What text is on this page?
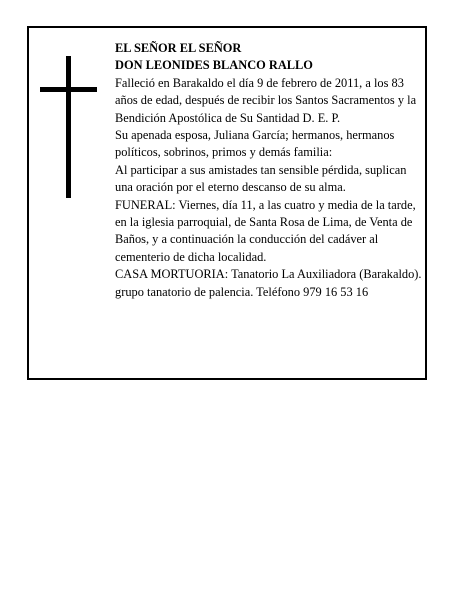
EL SEÑOR EL SEÑOR

DON LEONIDES BLANCO RALLO

Falleció en Barakaldo el día 9 de febrero de 2011, a los 83 años de edad, después de recibir los Santos Sacramentos y la Bendición Apostólica de Su Santidad D. E. P.

Su apenada esposa, Juliana García; hermanos, hermanos políticos, sobrinos, primos y demás familia:

Al participar a sus amistades tan sensible pérdida, suplican una oración por el eterno descanso de su alma.

FUNERAL: Viernes, día 11, a las cuatro y media de la tarde, en la iglesia parroquial, de Santa Rosa de Lima, de Venta de Baños, y a continuación la conducción del cadáver al cementerio de dicha localidad.

CASA MORTUORIA: Tanatorio La Auxiliadora (Barakaldo).

grupo tanatorio de palencia. Teléfono 979 16 53 16
